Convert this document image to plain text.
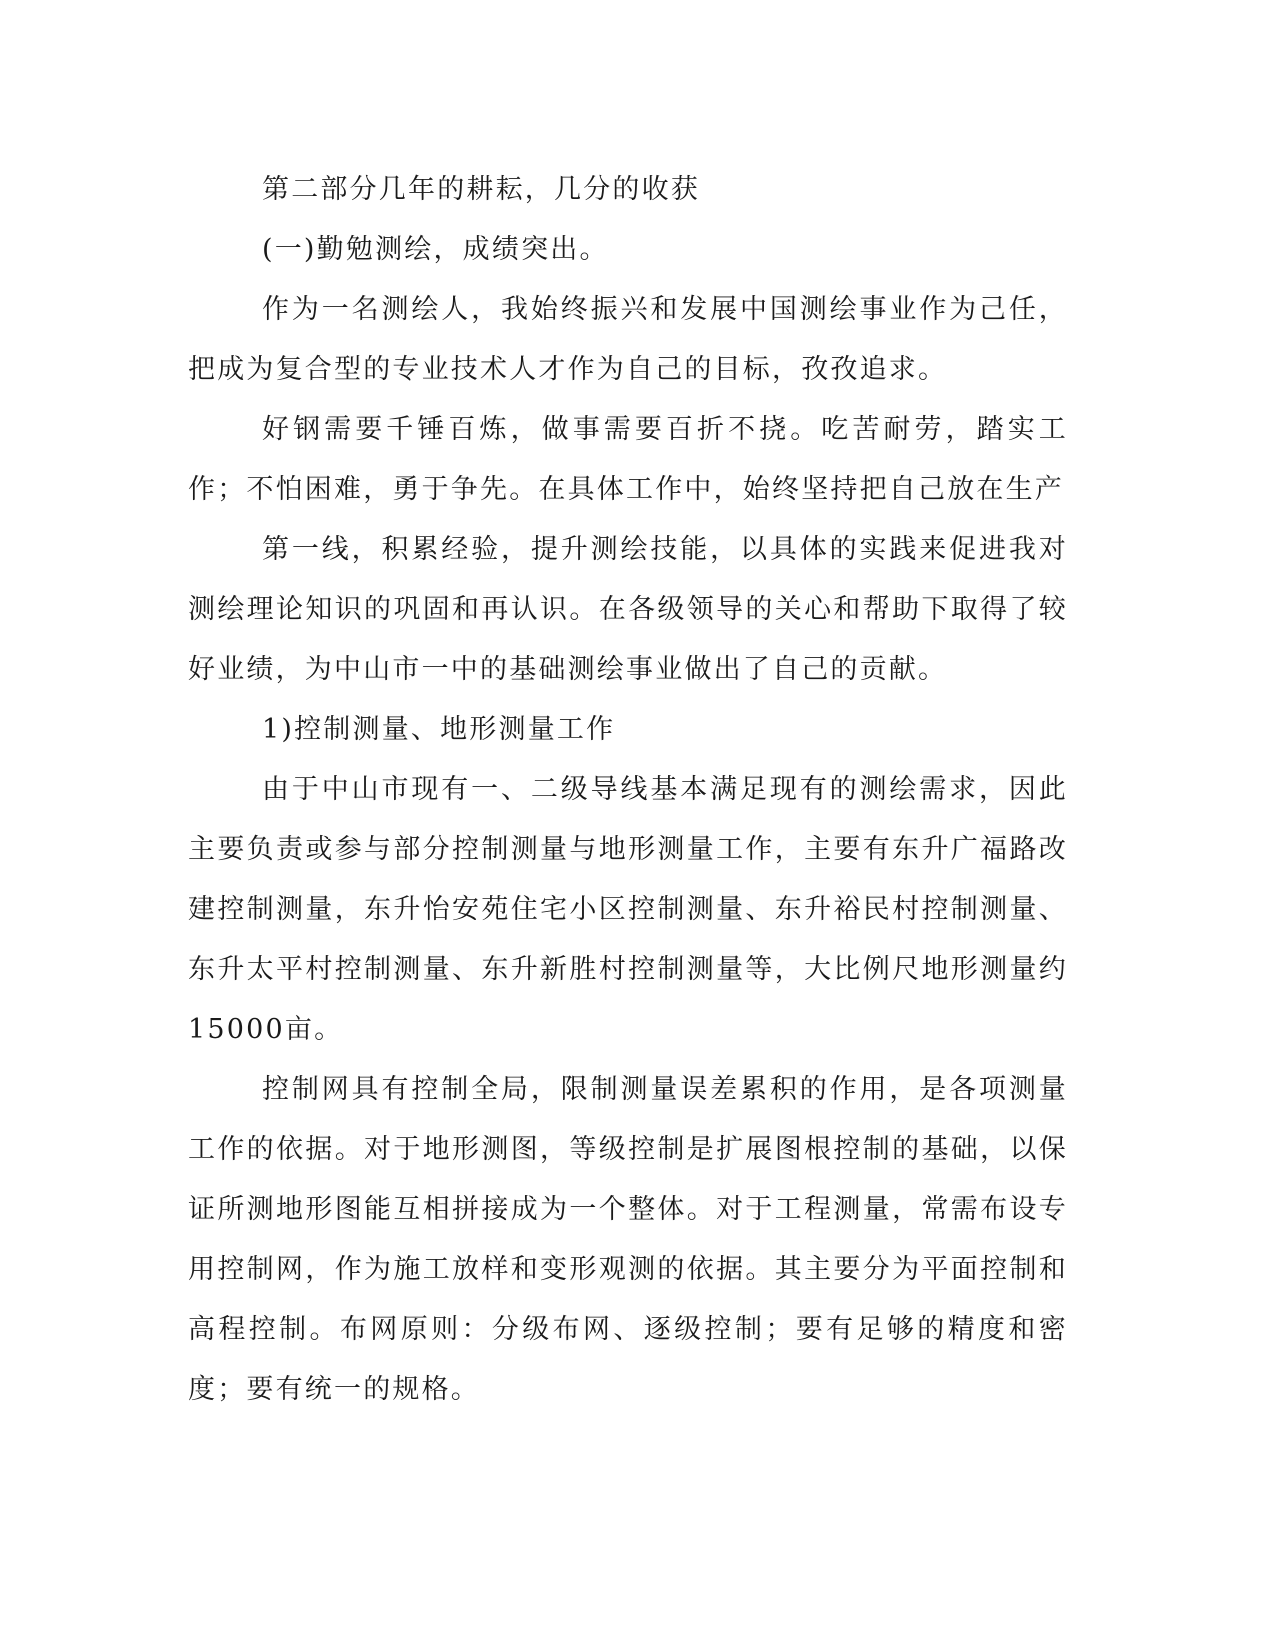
第二部分几年的耕耘，几分的收获

(一)勤勉测绘，成绩突出。

作为一名测绘人，我始终振兴和发展中国测绘事业作为己任，把成为复合型的专业技术人才作为自己的目标，孜孜追求。

好钢需要千锤百炼，做事需要百折不挠。吃苦耐劳，踏实工作；不怕困难，勇于争先。在具体工作中，始终坚持把自己放在生产

第一线，积累经验，提升测绘技能，以具体的实践来促进我对测绘理论知识的巩固和再认识。在各级领导的关心和帮助下取得了较好业绩，为中山市一中的基础测绘事业做出了自己的贡献。

1)控制测量、地形测量工作

由于中山市现有一、二级导线基本满足现有的测绘需求，因此主要负责或参与部分控制测量与地形测量工作，主要有东升广福路改建控制测量，东升怡安苑住宅小区控制测量、东升裕民村控制测量、东升太平村控制测量、东升新胜村控制测量等，大比例尺地形测量约15000亩。

控制网具有控制全局，限制测量误差累积的作用，是各项测量工作的依据。对于地形测图，等级控制是扩展图根控制的基础，以保证所测地形图能互相拼接成为一个整体。对于工程测量，常需布设专用控制网，作为施工放样和变形观测的依据。其主要分为平面控制和高程控制。布网原则：分级布网、逐级控制；要有足够的精度和密度；要有统一的规格。
